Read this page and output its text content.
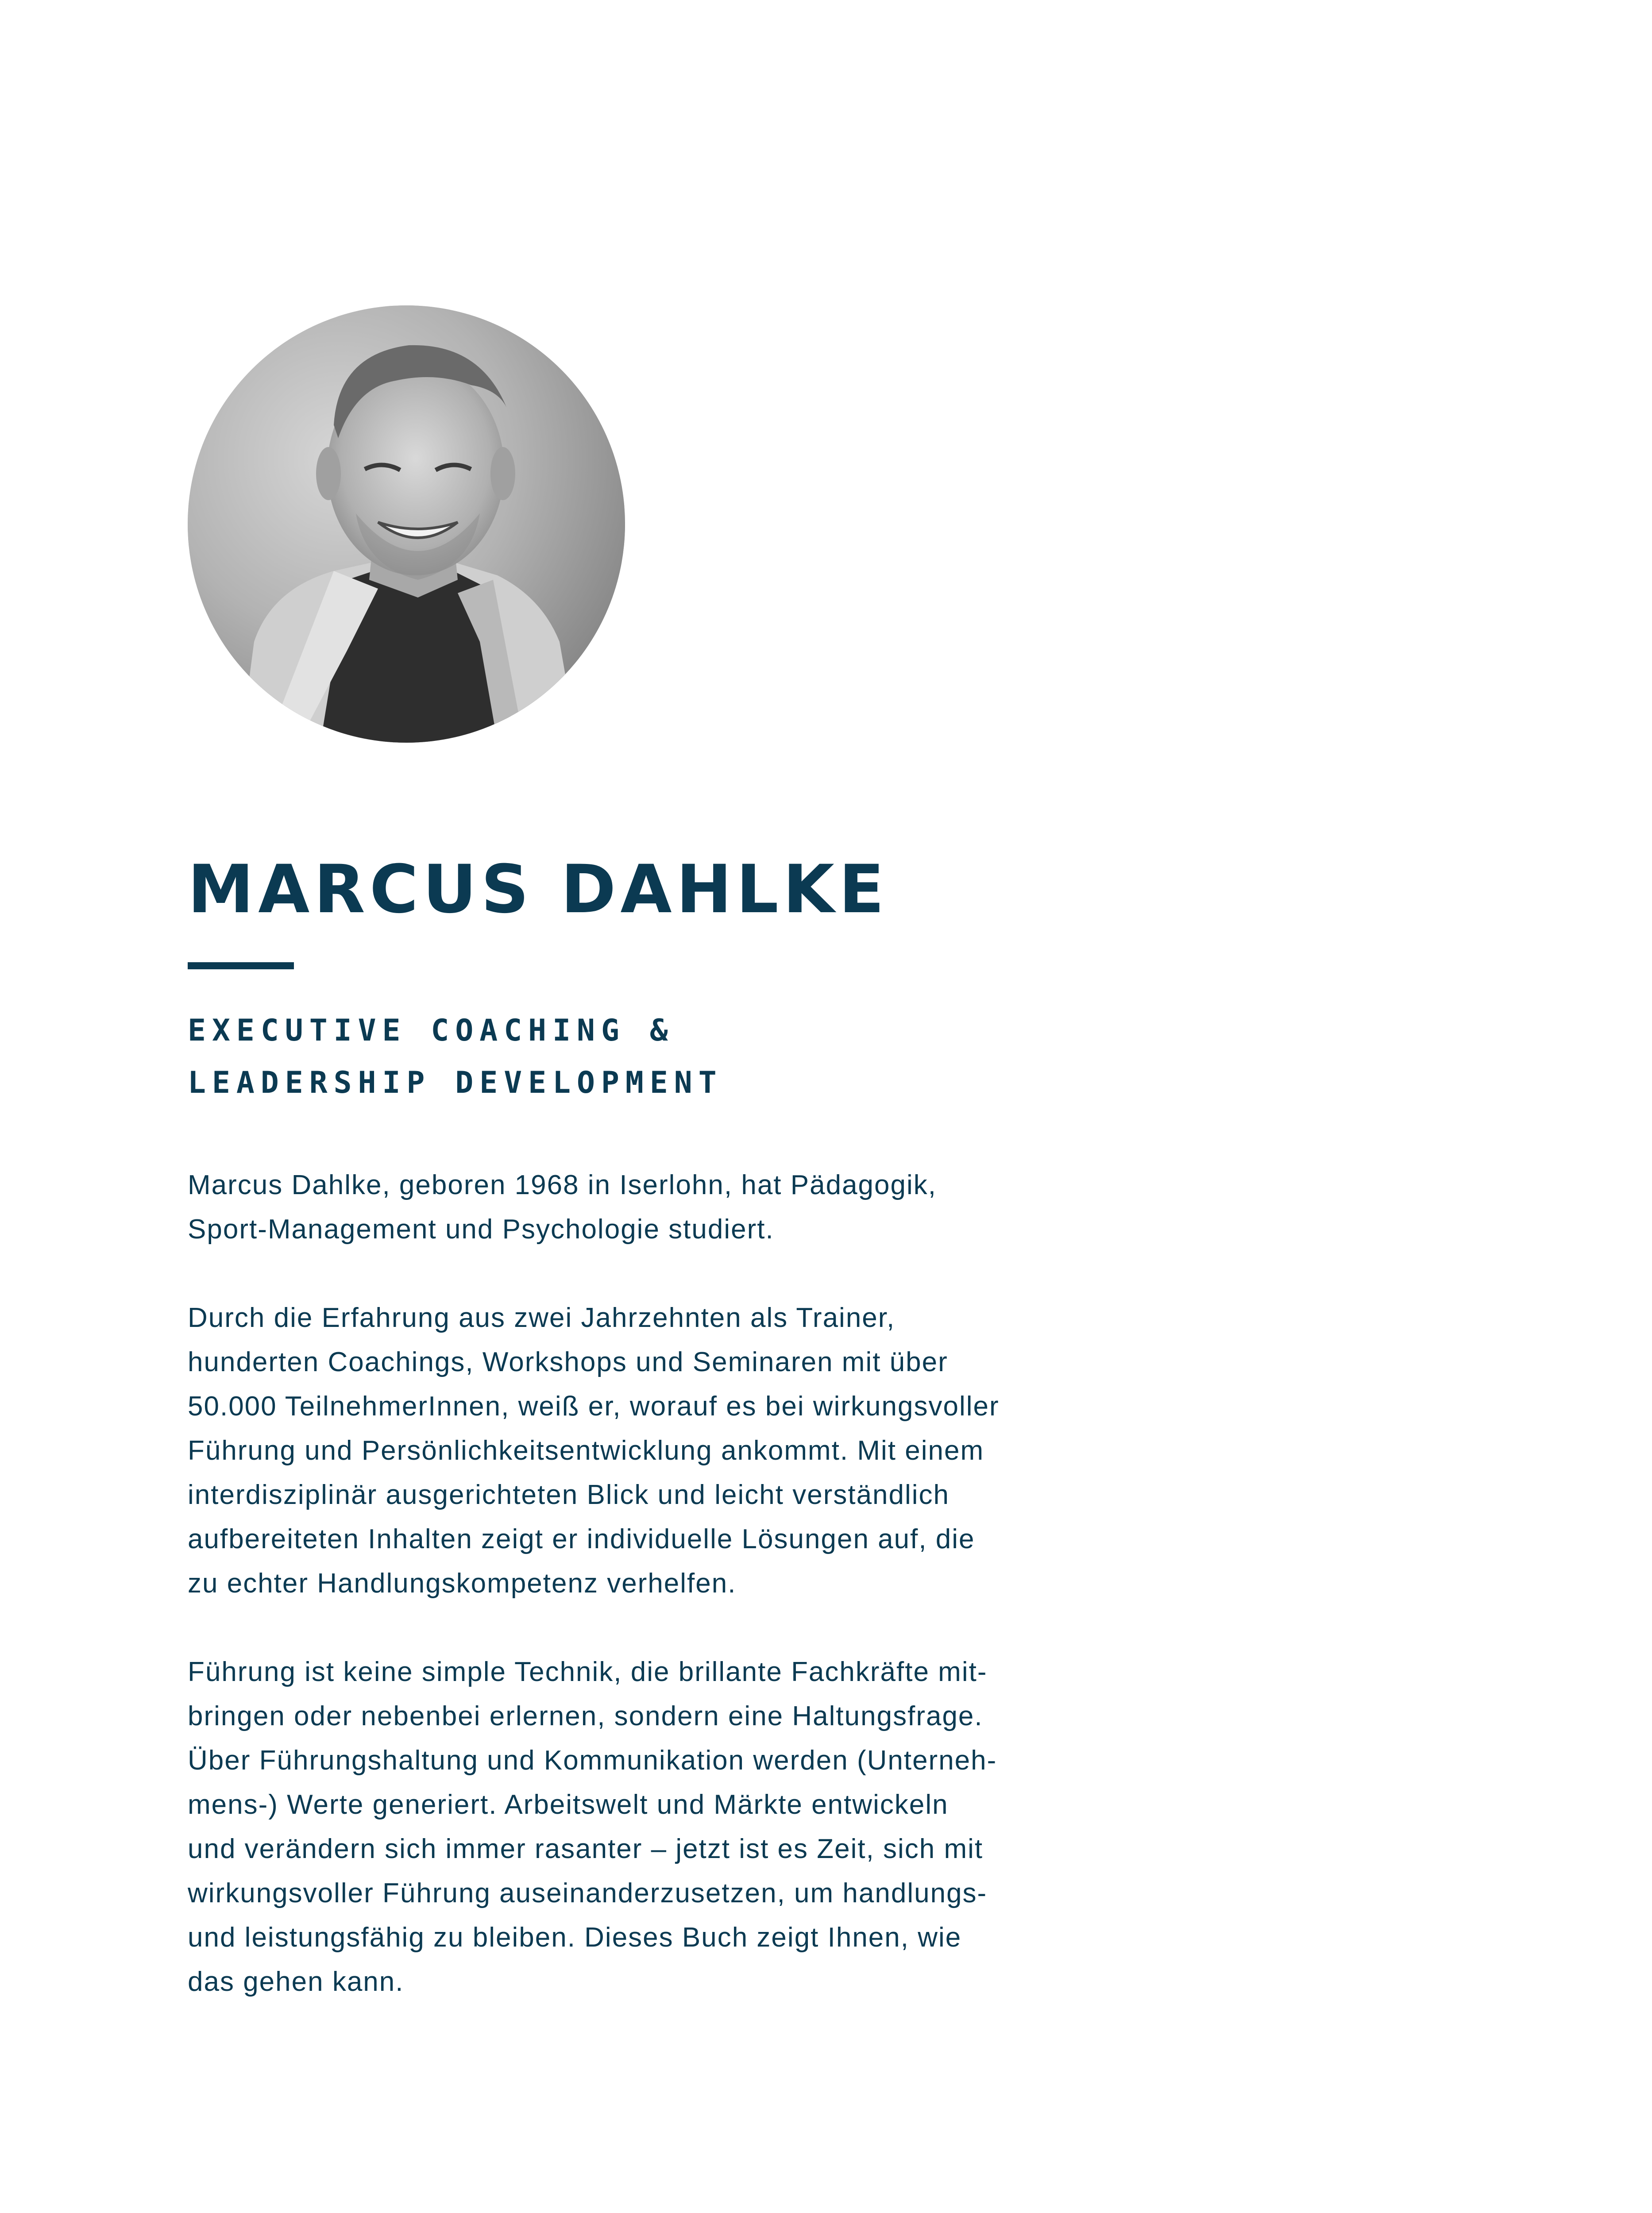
MARCUS DAHLKE
EXECUTIVE COACHING &
LEADERSHIP DEVELOPMENT

Marcus Dahlke, geboren 1968 in Iserlohn, hat Pädagogik,
Sport-Management und Psychologie studiert.

Durch die Erfahrung aus zwei Jahrzehnten als Trainer,
hunderten Coachings, Workshops und Seminaren mit über
50.000 TeilnehmerInnen, weiß er, worauf es bei wirkungsvoller
Führung und Persönlichkeitsentwicklung ankommt. Mit einem
interdisziplinär ausgerichteten Blick und leicht verständlich
aufbereiteten Inhalten zeigt er individuelle Lösungen auf, die
zu echter Handlungskompetenz verhelfen.

Führung ist keine simple Technik, die brillante Fachkräfte mit-
bringen oder nebenbei erlernen, sondern eine Haltungsfrage.
Über Führungshaltung und Kommunikation werden (Unterneh-
mens-) Werte generiert. Arbeitswelt und Märkte entwickeln
und verändern sich immer rasanter – jetzt ist es Zeit, sich mit
wirkungsvoller Führung auseinanderzusetzen, um handlungs-
und leistungsfähig zu bleiben. Dieses Buch zeigt Ihnen, wie
das gehen kann.
